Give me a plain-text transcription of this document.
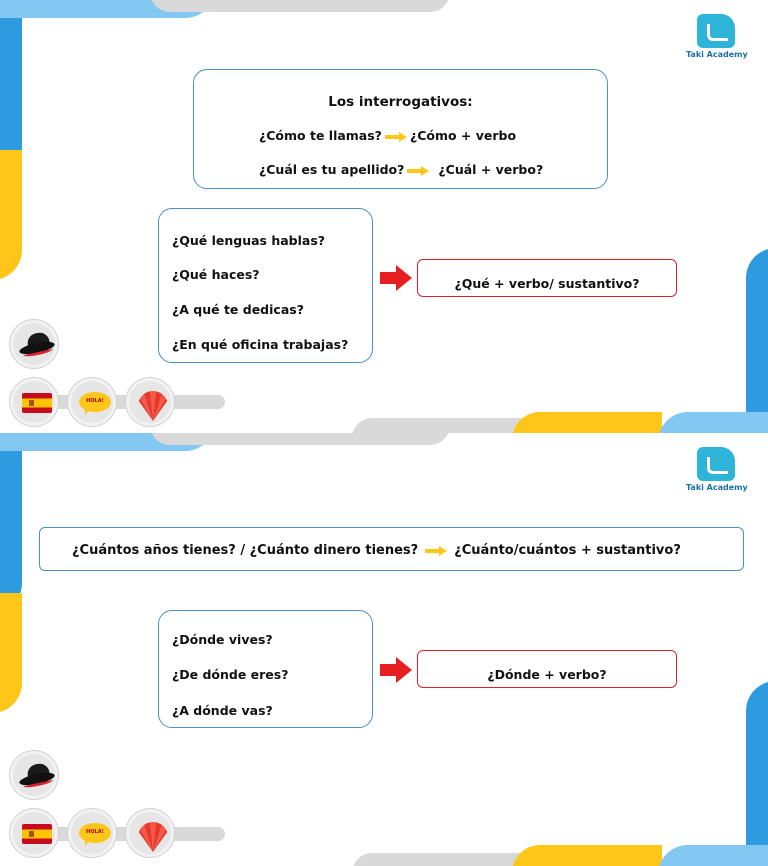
Taki Academy
Los interrogativos:
¿Cómo te llamas? ¿Cómo + verbo
¿Cuál es tu apellido?	¿Cuál + verbo?
¿Qué lenguas hablas?
¿Qué haces?
¿A qué te dedicas?
¿En qué oficina trabajas?
¿Qué + verbo/ sustantivo?
HOLA!
Taki Academy
¿Cuántos años tienes? / ¿Cuánto dinero tienes?	¿Cuánto/cuántos + sustantivo?
¿Dónde vives?
¿De dónde eres?
¿A dónde vas?
¿Dónde + verbo?
HOLA!
